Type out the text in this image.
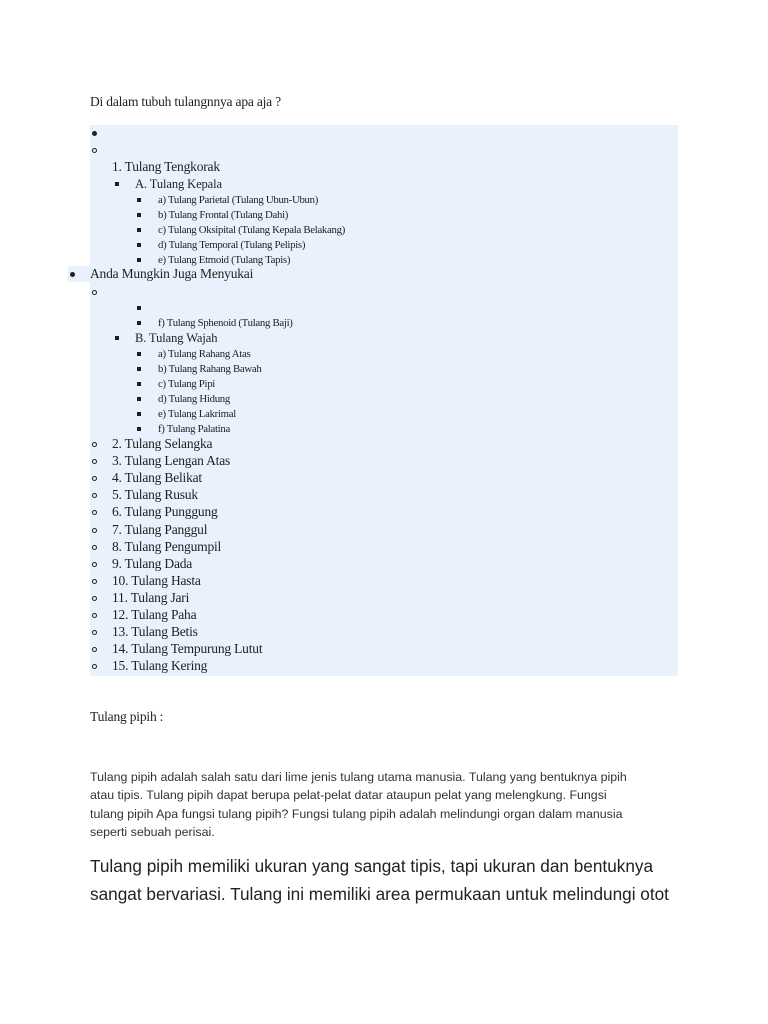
Di dalam tubuh tulangnnya apa aja ?
1. Tulang Tengkorak
A. Tulang Kepala
a) Tulang Parietal (Tulang Ubun-Ubun)
b) Tulang Frontal (Tulang Dahi)
c) Tulang Oksipital (Tulang Kepala Belakang)
d) Tulang Temporal (Tulang Pelipis)
e) Tulang Etmoid (Tulang Tapis)
Anda Mungkin Juga Menyukai
f) Tulang Sphenoid (Tulang Baji)
B. Tulang Wajah
a) Tulang Rahang Atas
b) Tulang Rahang Bawah
c) Tulang Pipi
d) Tulang Hidung
e) Tulang Lakrimal
f) Tulang Palatina
2. Tulang Selangka
3. Tulang Lengan Atas
4. Tulang Belikat
5. Tulang Rusuk
6. Tulang Punggung
7. Tulang Panggul
8. Tulang Pengumpil
9. Tulang Dada
10. Tulang Hasta
11. Tulang Jari
12. Tulang Paha
13. Tulang Betis
14. Tulang Tempurung Lutut
15. Tulang Kering
Tulang pipih :
Tulang pipih adalah salah satu dari lime jenis tulang utama manusia. Tulang yang bentuknya pipih
atau tipis. Tulang pipih dapat berupa pelat-pelat datar ataupun pelat yang melengkung. Fungsi
tulang pipih Apa fungsi tulang pipih? Fungsi tulang pipih adalah melindungi organ dalam manusia
seperti sebuah perisai.
Tulang pipih memiliki ukuran yang sangat tipis, tapi ukuran dan bentuknya
sangat bervariasi. Tulang ini memiliki area permukaan untuk melindungi otot
